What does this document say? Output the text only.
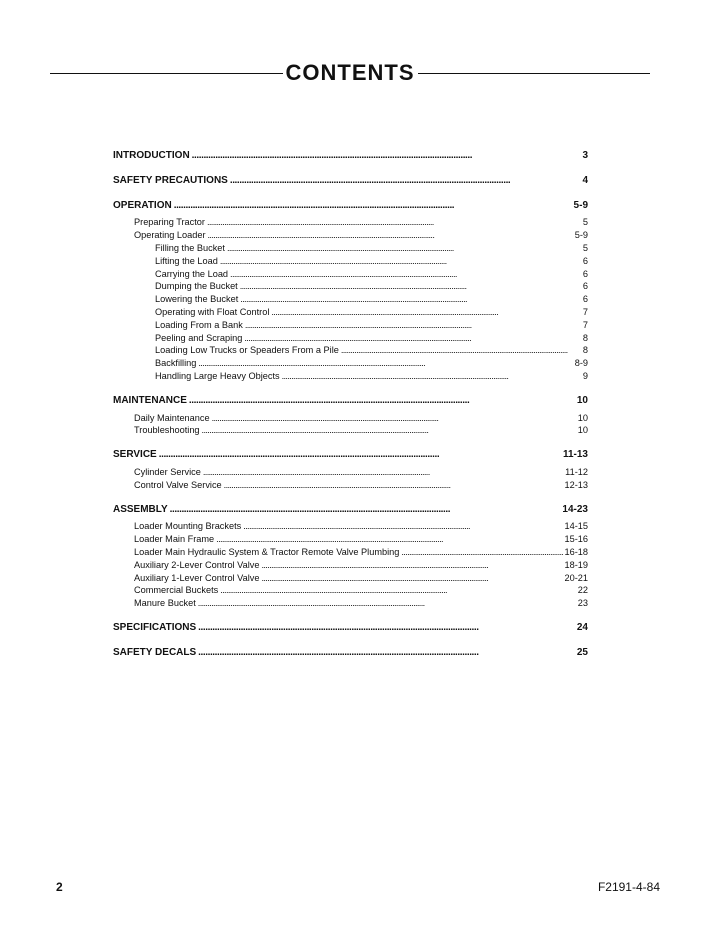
CONTENTS
INTRODUCTION . . .	3
SAFETY PRECAUTIONS . . .	4
OPERATION . . .	5-9
Preparing Tractor . . .	5
Operating Loader . . .	5-9
Filling the Bucket . . .	5
Lifting the Load . . .	6
Carrying the Load . . .	6
Dumping the Bucket . . .	6
Lowering the Bucket . . .	6
Operating with Float Control . . .	7
Loading From a Bank . . .	7
Peeling and Scraping . . .	8
Loading Low Trucks or Speaders From a Pile . . .	8
Backfilling . . .	8-9
Handling Large Heavy Objects . . .	9
MAINTENANCE . . .	10
Daily Maintenance . . .	10
Troubleshooting . . .	10
SERVICE . . .	11-13
Cylinder Service . . .	11-12
Control Valve Service . . .	12-13
ASSEMBLY . . .	14-23
Loader Mounting Brackets . . .	14-15
Loader Main Frame . . .	15-16
Loader Main Hydraulic System & Tractor Remote Valve Plumbing . . .	16-18
Auxiliary 2-Lever Control Valve . . .	18-19
Auxiliary 1-Lever Control Valve . . .	20-21
Commercial Buckets . . .	22
Manure Bucket . . .	23
SPECIFICATIONS . . .	24
SAFETY DECALS . . .	25
2	F2191-4-84
